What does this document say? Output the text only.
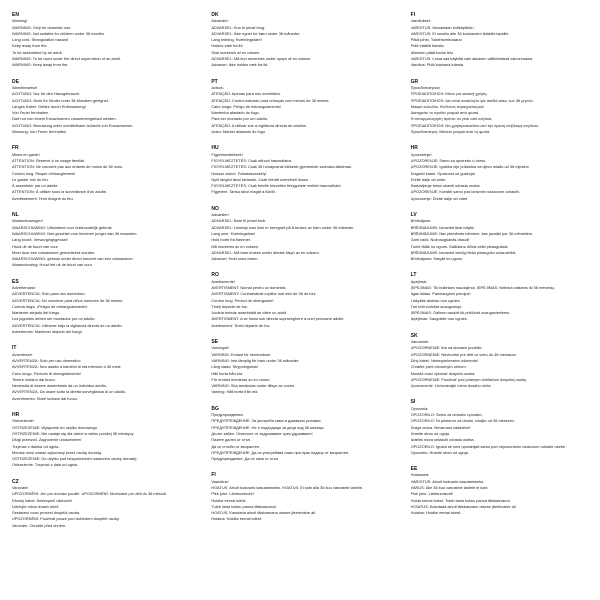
EN
Warning!
WARNING: Only for domestic use.
WARNING: Not suitable for children under 36 months.
Long cord. Strangulation hazard!
Keep away from fire.
To be assembled by an adult.
WARNING: To be used under the direct supervision of an adult.
WARNING: Keep away from fire.
DE
Warnhinweise!
ACHTUNG: Nur für den Hausgebrauch.
ACHTUNG: Nicht für Kinder unter 36 Monaten geeignet.
Langes Kabel. Gefahr durch Erdrosselung!
Von Feuer fernhalten.
Darf nur von einem Erwachsenen zusammengebaut werden.
ACHTUNG: Benutzung unter unmittelbarer Aufsicht von Erwachsenen.
Warnung: Von Feuer fernhalten.
FR
Mises en garde!
ATTENTION: Réservé à un usage familial.
ATTENTION: Ne convient pas aux enfants de moins de 36 mois.
Cordon long. Risque d'étranglement!
Le garder loin du feu.
À assembler par un adulte.
ATTENTION: À utiliser sous la surveillance d'un adulte.
Avertissement: Tenir éloigné du feu.
NL
Waarschuwingen!
WAARSCHUWING: Uitsluitend voor huishoudelijk gebruik.
WAARSCHUWING: Niet geschikt voor kinderen jonger dan 36 maanden.
Lang koord. Verwurgingsgevaar!
Houd uit de buurt van vuur.
Moet door een volwassene gemonteerd worden.
WAARSCHUWING: gebruik onder direct toezicht van een volwassene.
Waarschuwing: Houd het uit de buurt van vuur.
ES
Advertencias!
ADVERTENCIA: Sólo para uso doméstico.
ADVERTENCIA: No conviene para niños menores de 36 meses.
Cuerda larga. ¡Peligro de estrangulamiento!
Mantener alejado del fuego.
Los juguetes deben ser montados por un adulto.
ADVERTENCIA: Utilícese bajo la vigilancia directa de un adulto.
Advertencia: Mantener alejado del fuego.
IT
Avvertenze!
AVVERTENZA: Solo per uso domestico.
AVVERTENZA: Non adatto a bambini di età inferiore a 36 mesi.
Cavo lungo. Pericolo di strangolamento!
Tenere lontano dal fuoco.
Necessita di essere assemblato da un individuo adulto.
AVVERTENZA: Da usare sotto la diretta sorveglianza di un adulto.
Avvertimento: Stare lontano dal fuoco.
HR
Ostrzeżenie!
OSTRZEŻENIE: Wyłącznie do użytku domowego.
OSTRZEŻENIE: Nie nadaje się dla dzieci w wieku poniżej 36 miesięcy.
Długi przewód. Zagrożenie uduszeniem!
Trzymać z daleka od ognia.
Montaż musi zostać wykonany przez osobę dorosłą.
OSTRZEŻENIE: Do użytku pod bezpośrednim nadzorem osoby dorosłej.
Ostrzeżenie: Trzymać z dala od ognia.
CZ
Varování!
UPOZORNĚNÍ: Jen pro domácí použití. UPOZORNĚNÍ: Nevhodné pro děti do 36 měsíců.
Dlouhý kabel. Nebezpečí uškrcení!
Udržujte mimo dosah ohně.
Sestavení musí provést dospělá osoba.
UPOZORNĚNÍ: Používat pouze pod dohledem dospělé osoby.
Varování: Chraňte před ohněm.
DK
Advarsler:
ADVARSEL: Kun til privat brug.
ADVARSEL: Ikke egnet for børn under 36 måneder.
Lang ledning. Kvælningsfare!
Holdes væk fra ild.
Skal monteres af en voksen.
ADVARSEL: Må kun anvendes under opsyn af en voksen.
Advarsel: Ikke holdes væk fra ild.
PT
Avisos:
ATENÇÃO: Apenas para uso doméstico.
ATENÇÃO: Contra-indicado para crianças com menos de 36 meses.
Cabo longo. Perigo de estrangulamento!
Mantenha afastado do fogo.
Para ser montado por um adulto.
ATENÇÃO: A utilizar sob a vigilância directa de adultos.
Aviso: Manter afastado do fogo.
HU
Figyelmeztetések!
FIGYELMEZTETÉS: Csak otthoni használatra.
FIGYELMEZTETÉS: Csak 36 hónaposnál idősebb gyermekek számára alkalmas.
Hosszú zsinór. Fulladásveszély!
Nyílt lángtól távol tartandó. Csak felnőtt szerelheti össze.
FIGYELMEZTETÉS: Csak felnőtt közvetlen felügyelete mellett használható.
Figyelem: Tartsa távol magát a tűztől.
NO
Advarsler!
ADVARSEL: Bare til privat bruk.
ADVARSEL: Leketøy som ikke er beregnet på å brukes av barn under 36 måneder.
Lang snor. Kvelningsfare!
Hold borte fra flammer.
Må monteres av en voksen.
ADVARSEL: Må bare brukes under direkte tilsyn av en voksen.
Advarsel: Hold unna brann.
RO
Avertismente!
AVERTISMENT: Numai pentru uz domestic.
AVERTISMENT: Contraindicat copiilor mai mici de 36 de luni.
Cordon lung. Pericol de strangulare!
Țineți departe de foc.
Jucăria trebuie asamblată de către un adult.
AVERTISMENT: A se folosi sub directa supraveghere a unei persoane adulte.
Avertisment: Țineți departe de foc.
SE
Varningar!
VARNING: Endast för hemmabruk.
VARNING: Inte lämplig för barn under 36 månader.
Lång sladd. Strypningsrisk!
Håll borta från eld.
För endast monteras av en vuxen.
VARNING: Ska användas under tillsyn av vuxen.
Varning: Håll borta från eld.
BG
Предупреждения:
ПРЕДУПРЕЖДЕНИЕ: За употреба само в домашни условия.
ПРЕДУПРЕЖДЕНИЕ: Не е подходящо за деца под 36 месеца.
Дълъг кабел. Опасност от задушаване чрез удушаване!
Пазете далеч от огън.
Да се сглоби от възрастен.
ПРЕДУПРЕЖДЕНИЕ: Да се употребява само при пряк надзор от възрастен.
Предупреждение: Да се пази от огън.
FI
Vaaroitus!
HOATUS: Ainult kodusels kasutamiseks. HOATUS: Ei sobi alla 36 kuu vanustele lastele.
Pikk juhe. Lämbumisoht!
Hoidke eemal tulest.
Tuleb lasta kokku panna täiskasvanul.
HOATUS: Kasutada ainult täiskasvanu otsese järelevalve all.
Hoiatus: Hoidke eemal tulest.
FI
Varoitukset:
VAROITUS: Ainoastaan kotikäyttöön.
VAROITUS: Ei sovellu alle 36 kuukauden ikäisille lapsille.
Pitkä johto. Tukehtumisvaara!
Pidä etäällä tulesta.
Aikuinen pitää koota lelu.
VAROITUS: Lelua saa käyttää vain aikuisen välittömässä valvonnassa.
Varoitus: Pidä kaukana tulesta.
GR
Προειδοποιήσεις!
ΠΡΟΕΙΔΟΠΟΙΗΣΗ: Μόνο για οικιακή χρήση.
ΠΡΟΕΙΔΟΠΟΙΗΣΗ: Δεν είναι κατάλληλο για παιδιά κάτω των 36 μηνών.
Μακρύ καλώδιο. Κίνδυνος στραγγαλισμού!
Διατηρείτε το προϊόν μακριά από φωτιά.
Η συναρμολόγηση πρέπει να γίνει από ενήλικα.
ΠΡΟΕΙΔΟΠΟΙΗΣΗ: Να χρησιμοποιείται υπό την άμεση επίβλεψη ενηλίκου.
Προειδοποίηση: Μείνετε μακριά από τη φωτιά.
HR
Upozorenje!
UPOZORENJE: Samo za upotrebu u domu.
UPOZORENJE: Igračka nije prikladna za djecu mlađu od 36 mjeseci.
Dugački kabel. Opasnost od gušenja!
Držite dalje od vatre.
Sastavljanje treba obaviti odrasla osoba.
UPOZORENJE: Koristiti samo pod izravnim nadzorom odraslih.
Upozorenje: Držite dalje od vatre.
LV
Brīdinājumi:
BRĪDINĀJUMS: Izmantot tikai mājās.
BRĪDINĀJUMS: Nav piemērots bērniem, kas jaunāki par 36 mēnešiem.
Garš vads. Nožņaugšanās draudi!
Turiet tālāk no uguns. Salikšanu drīkst veikt pieaugušais.
BRĪDINĀJUMS: Izmantot vienīgi tieša pieaugušo uzraudzībā.
Brīdinājums: Sargāt no uguns.
LT
Įspėjimai:
ĮSPĖJIMAS: Tik buitiniam naudojimui. ĮSPĖJIMAS: Netinka vaikams iki 36 mėnesių.
Ilgas laidas. Pasmaugimo pavojus!
Laikykite atokiau nuo ugnies.
Turi būti surinkta suaugusiojo.
ĮSPĖJIMAS: Galima naudoti tik prižiūrint suaugusiesiems.
Įspėjimas: Saugokite nuo ugnies.
SK
Varovanie:
UPOZORNENIE: Iba na domáce použitie.
UPOZORNENIE: Nevhodné pre deti vo veku do 36 mesiacov.
Dlhý kábel. Nebezpečenstvo uškrtenia!
Chráňte pred otvoreným ohňom.
Montáž musí vykonať dospelá osoba.
UPOZORNENIE: Používať pod priamym dohľadom dospelej osoby.
Upozornenie: Uchovávajte mimo dosahu ohňa.
SI
Opozorila:
OPOZORILO: Samo za domačo uporabo.
OPOZORILO: Ni primerno za otroke, mlajše od 36 mesecev.
Dolga vrvica. Nevarnost zadavitve!
Hranite stran od ognja.
Izdelek mora sestaviti odrasla oseba.
OPOZORILO: Igrača se sme uporabljati samo pod neposrednim nadzorom odrasle osebe.
Opozorilo: Hranite stran od ognja.
EE
Hoiatused:
VAROITUS: Ainult kodusels kasutamiseks.
VARUS: Alle 36 kuu vanustele lastele ei sobi.
Pikk juhe. Lämbumisoht!
Hoida eemal tulest. Tuleb lasta kokku panna täiskasvanul.
HOIATUS: Kasutada ainult täiskasvanu otsese järelevalve all.
Hoiatus: Hoidke eemal tulest.
